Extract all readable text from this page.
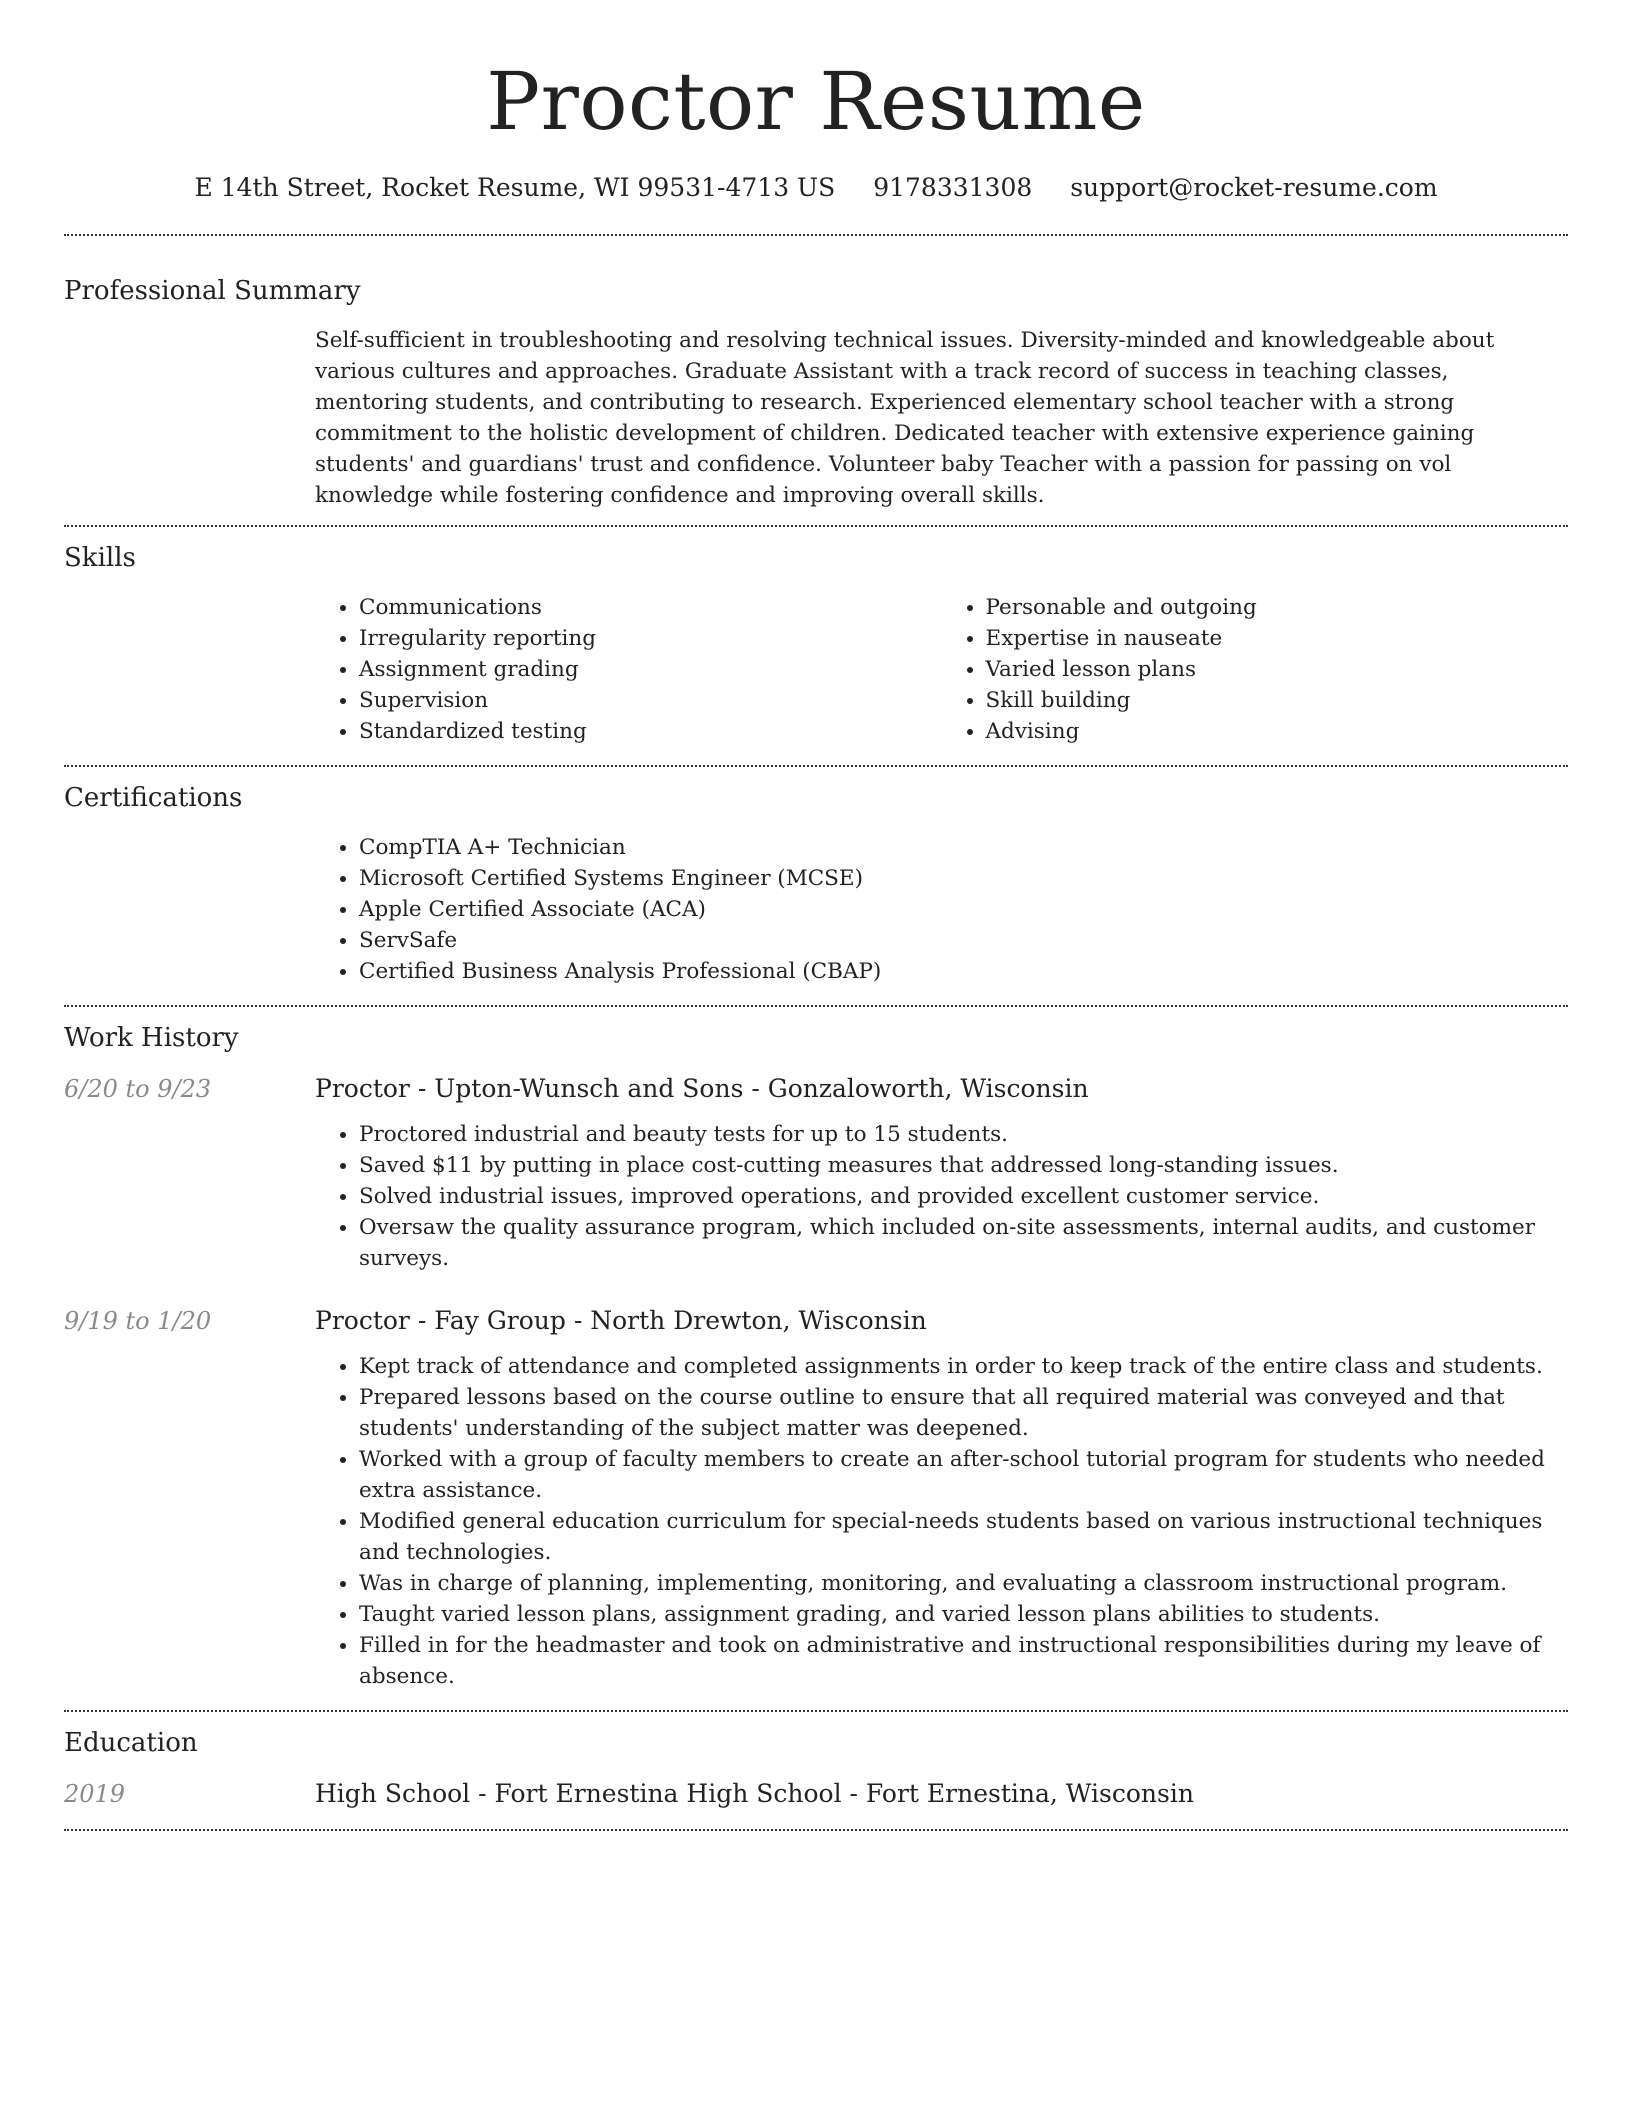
Proctor Resume
E 14th Street, Rocket Resume, WI 99531-4713 US 9178331308 support@rocket-resume.com
Professional Summary

Self-sufficient in troubleshooting and resolving technical issues. Diversity-minded and knowledgeable about various cultures and approaches. Graduate Assistant with a track record of success in teaching classes, mentoring students, and contributing to research. Experienced elementary school teacher with a strong commitment to the holistic development of children. Dedicated teacher with extensive experience gaining students' and guardians' trust and confidence. Volunteer baby Teacher with a passion for passing on vol knowledge while fostering confidence and improving overall skills.

Skills
• Communications
• Irregularity reporting
• Assignment grading
• Supervision
• Standardized testing
• Personable and outgoing
• Expertise in nauseate
• Varied lesson plans
• Skill building
• Advising
Certifications
• CompTIA A+ Technician
• Microsoft Certified Systems Engineer (MCSE)
• Apple Certified Associate (ACA)
• ServSafe
• Certified Business Analysis Professional (CBAP)
Work History
6/20 to 9/23	Proctor - Upton-Wunsch and Sons - Gonzaloworth, Wisconsin
• Proctored industrial and beauty tests for up to 15 students.
• Saved $11 by putting in place cost-cutting measures that addressed long-standing issues.
• Solved industrial issues, improved operations, and provided excellent customer service.
• Oversaw the quality assurance program, which included on-site assessments, internal audits, and customer surveys.
9/19 to 1/20	Proctor - Fay Group - North Drewton, Wisconsin
• Kept track of attendance and completed assignments in order to keep track of the entire class and students.
• Prepared lessons based on the course outline to ensure that all required material was conveyed and that students' understanding of the subject matter was deepened.
• Worked with a group of faculty members to create an after-school tutorial program for students who needed extra assistance.
• Modified general education curriculum for special-needs students based on various instructional techniques and technologies.
• Was in charge of planning, implementing, monitoring, and evaluating a classroom instructional program.
• Taught varied lesson plans, assignment grading, and varied lesson plans abilities to students.
• Filled in for the headmaster and took on administrative and instructional responsibilities during my leave of absence.
Education
2019	High School - Fort Ernestina High School - Fort Ernestina, Wisconsin
